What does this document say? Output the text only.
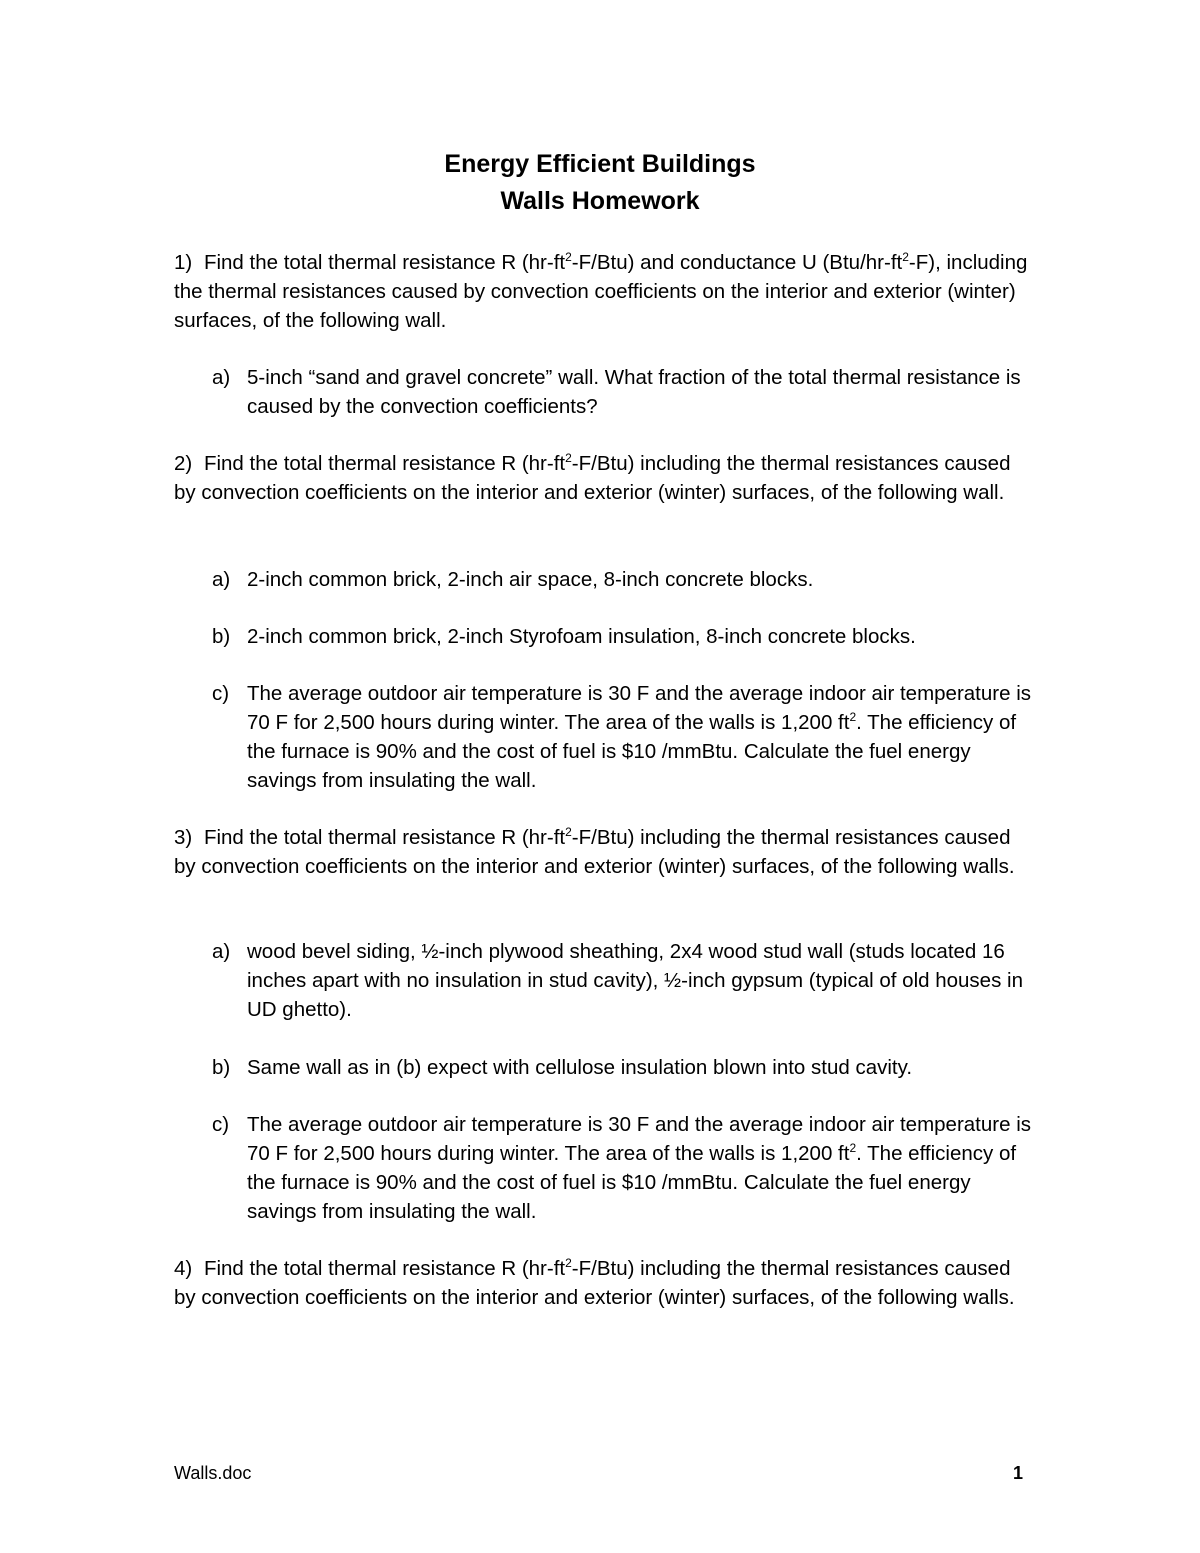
Energy Efficient Buildings
Walls Homework
1) Find the total thermal resistance R $(hr-ft^2-F/Btu)$ and conductance U $(Btu/hr-ft^2-F)$, including the thermal resistances caused by convection coefficients on the interior and exterior (winter) surfaces, of the following wall.
a) 5-inch “sand and gravel concrete” wall. What fraction of the total thermal resistance is caused by the convection coefficients?
2) Find the total thermal resistance R $(hr-ft^2-F/Btu)$ including the thermal resistances caused by convection coefficients on the interior and exterior (winter) surfaces, of the following wall.
a) 2-inch common brick, 2-inch air space, 8-inch concrete blocks.
b) 2-inch common brick, 2-inch Styrofoam insulation, 8-inch concrete blocks.
c) The average outdoor air temperature is 30 F and the average indoor air temperature is 70 F for 2,500 hours during winter. The area of the walls is 1,200 $ft^2$. The efficiency of the furnace is 90% and the cost of fuel is $10 /mmBtu. Calculate the fuel energy savings from insulating the wall.
3) Find the total thermal resistance R $(hr-ft^2-F/Btu)$ including the thermal resistances caused by convection coefficients on the interior and exterior (winter) surfaces, of the following walls.
a) wood bevel siding, ½-inch plywood sheathing, 2x4 wood stud wall (studs located 16 inches apart with no insulation in stud cavity), ½-inch gypsum (typical of old houses in UD ghetto).
b) Same wall as in (b) expect with cellulose insulation blown into stud cavity.
c) The average outdoor air temperature is 30 F and the average indoor air temperature is 70 F for 2,500 hours during winter. The area of the walls is 1,200 $ft^2$. The efficiency of the furnace is 90% and the cost of fuel is $10 /mmBtu. Calculate the fuel energy savings from insulating the wall.
4) Find the total thermal resistance R $(hr-ft^2-F/Btu)$ including the thermal resistances caused by convection coefficients on the interior and exterior (winter) surfaces, of the following walls.
Walls.doc	1
